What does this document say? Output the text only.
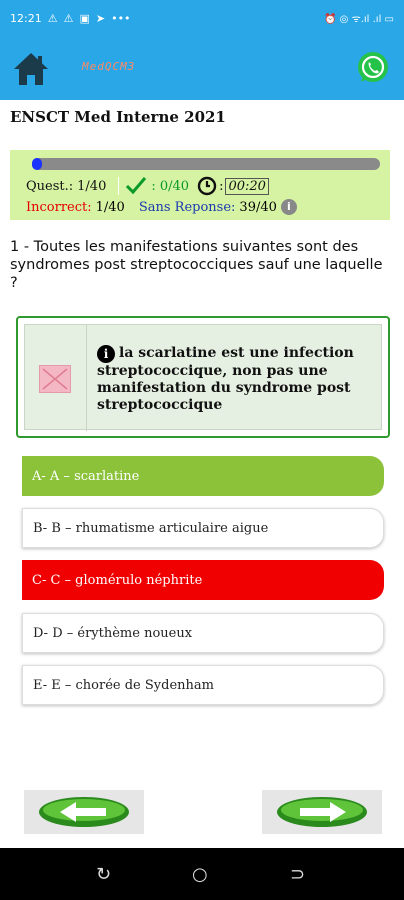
12:21 ⚠ ⚠ ▣ ➤ •••	⏰ ◎ ᯤ.ıl .ıl ▭
MedQCM3
ENSCT Med Interne 2021
Quest.: 1/40	: 0/40 : 00:20
Incorrect: 1/40 Sans Reponse: 39/40 i
1 - Toutes les manifestations suivantes sont des syndromes post streptococciques sauf une laquelle ?
i la scarlatine est une infection streptococcique, non pas une manifestation du syndrome post streptococcique
A- A – scarlatine
B- B – rhumatisme articulaire aigue
C- C – glomérulo néphrite
D- D – érythème noueux
E- E – chorée de Sydenham
↻	○	⊃
